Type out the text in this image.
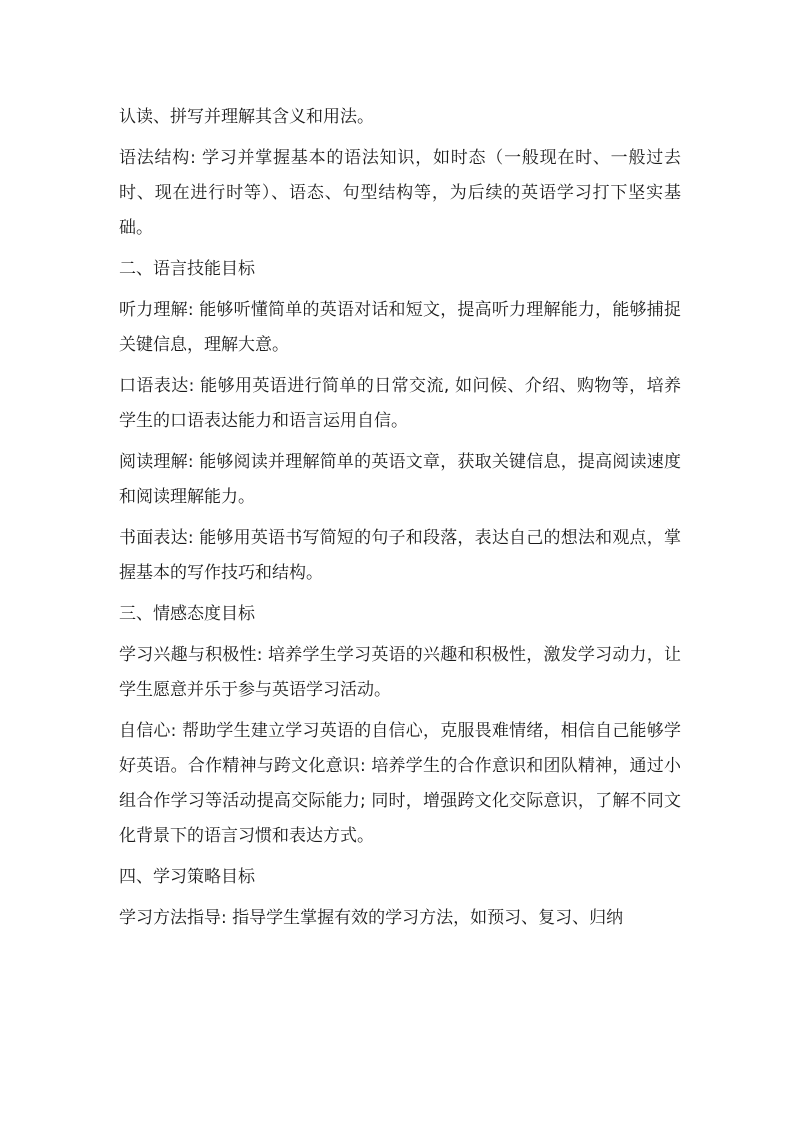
认读、拼写并理解其含义和用法。

语法结构: 学习并掌握基本的语法知识，如时态（一般现在时、一般过去时、现在进行时等）、语态、句型结构等，为后续的英语学习打下坚实基础。

二、语言技能目标

听力理解: 能够听懂简单的英语对话和短文，提高听力理解能力，能够捕捉关键信息，理解大意。

口语表达: 能够用英语进行简单的日常交流, 如问候、介绍、购物等，培养学生的口语表达能力和语言运用自信。

阅读理解: 能够阅读并理解简单的英语文章，获取关键信息，提高阅读速度和阅读理解能力。

书面表达: 能够用英语书写简短的句子和段落，表达自己的想法和观点，掌握基本的写作技巧和结构。

三、情感态度目标

学习兴趣与积极性: 培养学生学习英语的兴趣和积极性，激发学习动力，让学生愿意并乐于参与英语学习活动。

自信心: 帮助学生建立学习英语的自信心，克服畏难情绪，相信自己能够学好英语。合作精神与跨文化意识: 培养学生的合作意识和团队精神，通过小组合作学习等活动提高交际能力; 同时，增强跨文化交际意识，了解不同文化背景下的语言习惯和表达方式。

四、学习策略目标

学习方法指导: 指导学生掌握有效的学习方法，如预习、复习、归纳
